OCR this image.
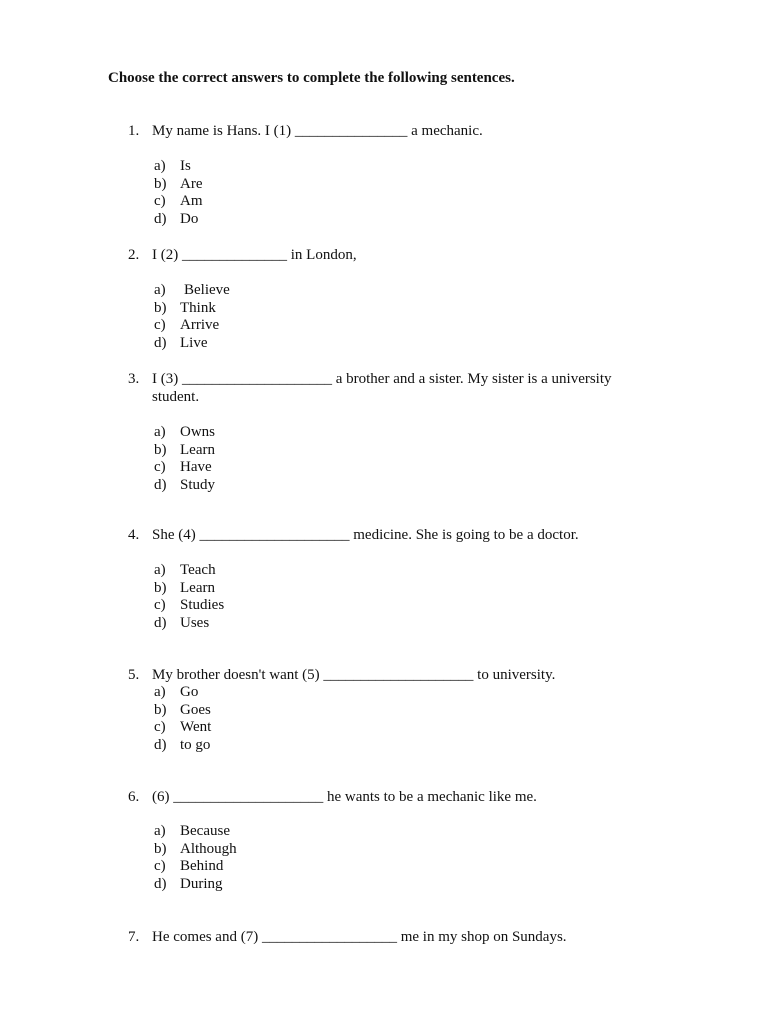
Choose the correct answers to complete the following sentences.
1. My name is Hans. I (1) _______________ a mechanic.
a) Is
b) Are
c) Am
d) Do
2. I (2) ______________ in London,
a)	Believe
b) Think
c) Arrive
d) Live
3. I (3) ____________________ a brother and a sister. My sister is a university student.
a) Owns
b) Learn
c) Have
d) Study
4. She (4) ____________________ medicine. She is going to be a doctor.
a) Teach
b) Learn
c) Studies
d) Uses
5. My brother doesn't want (5) ____________________ to university.
a) Go
b) Goes
c) Went
d) to go
6. (6) ____________________ he wants to be a mechanic like me.
a) Because
b) Although
c) Behind
d) During
7. He comes and (7) __________________ me in my shop on Sundays.
